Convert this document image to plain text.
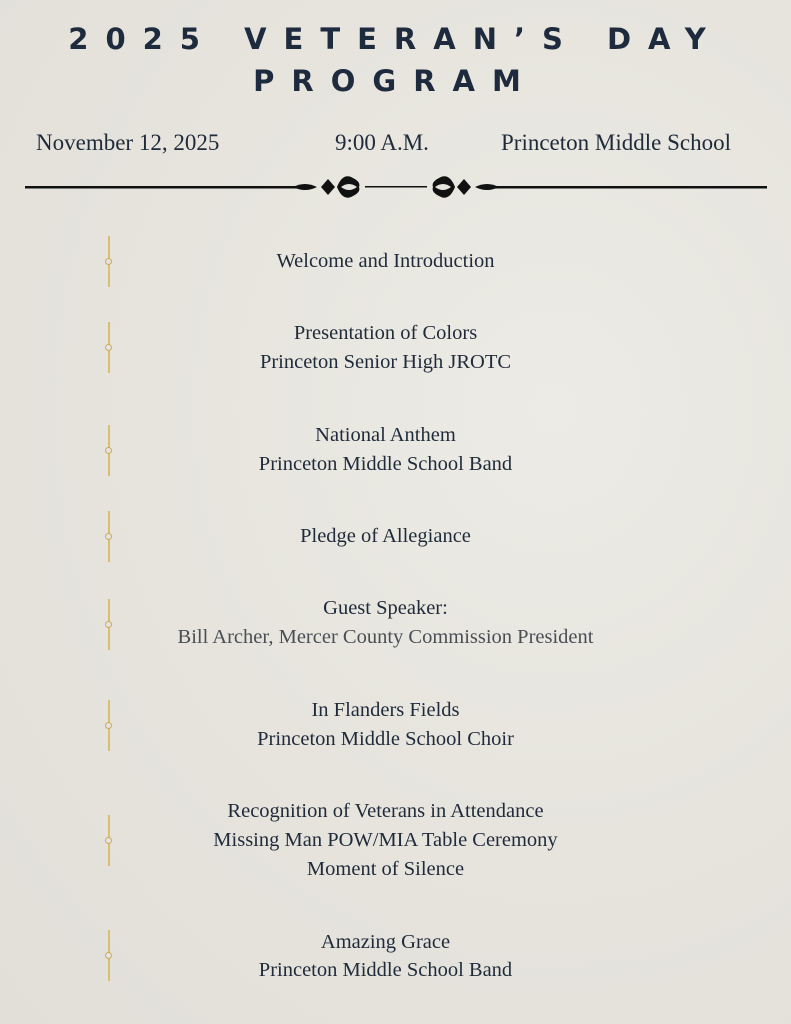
2025 VETERAN’S DAY
PROGRAM
November 12, 2025	9:00 A.M.	Princeton Middle School
Welcome and Introduction
Presentation of Colors
Princeton Senior High JROTC
National Anthem
Princeton Middle School Band
Pledge of Allegiance
Guest Speaker:
Bill Archer, Mercer County Commission President
In Flanders Fields
Princeton Middle School Choir
Recognition of Veterans in Attendance
Missing Man POW/MIA Table Ceremony
Moment of Silence
Amazing Grace
Princeton Middle School Band
